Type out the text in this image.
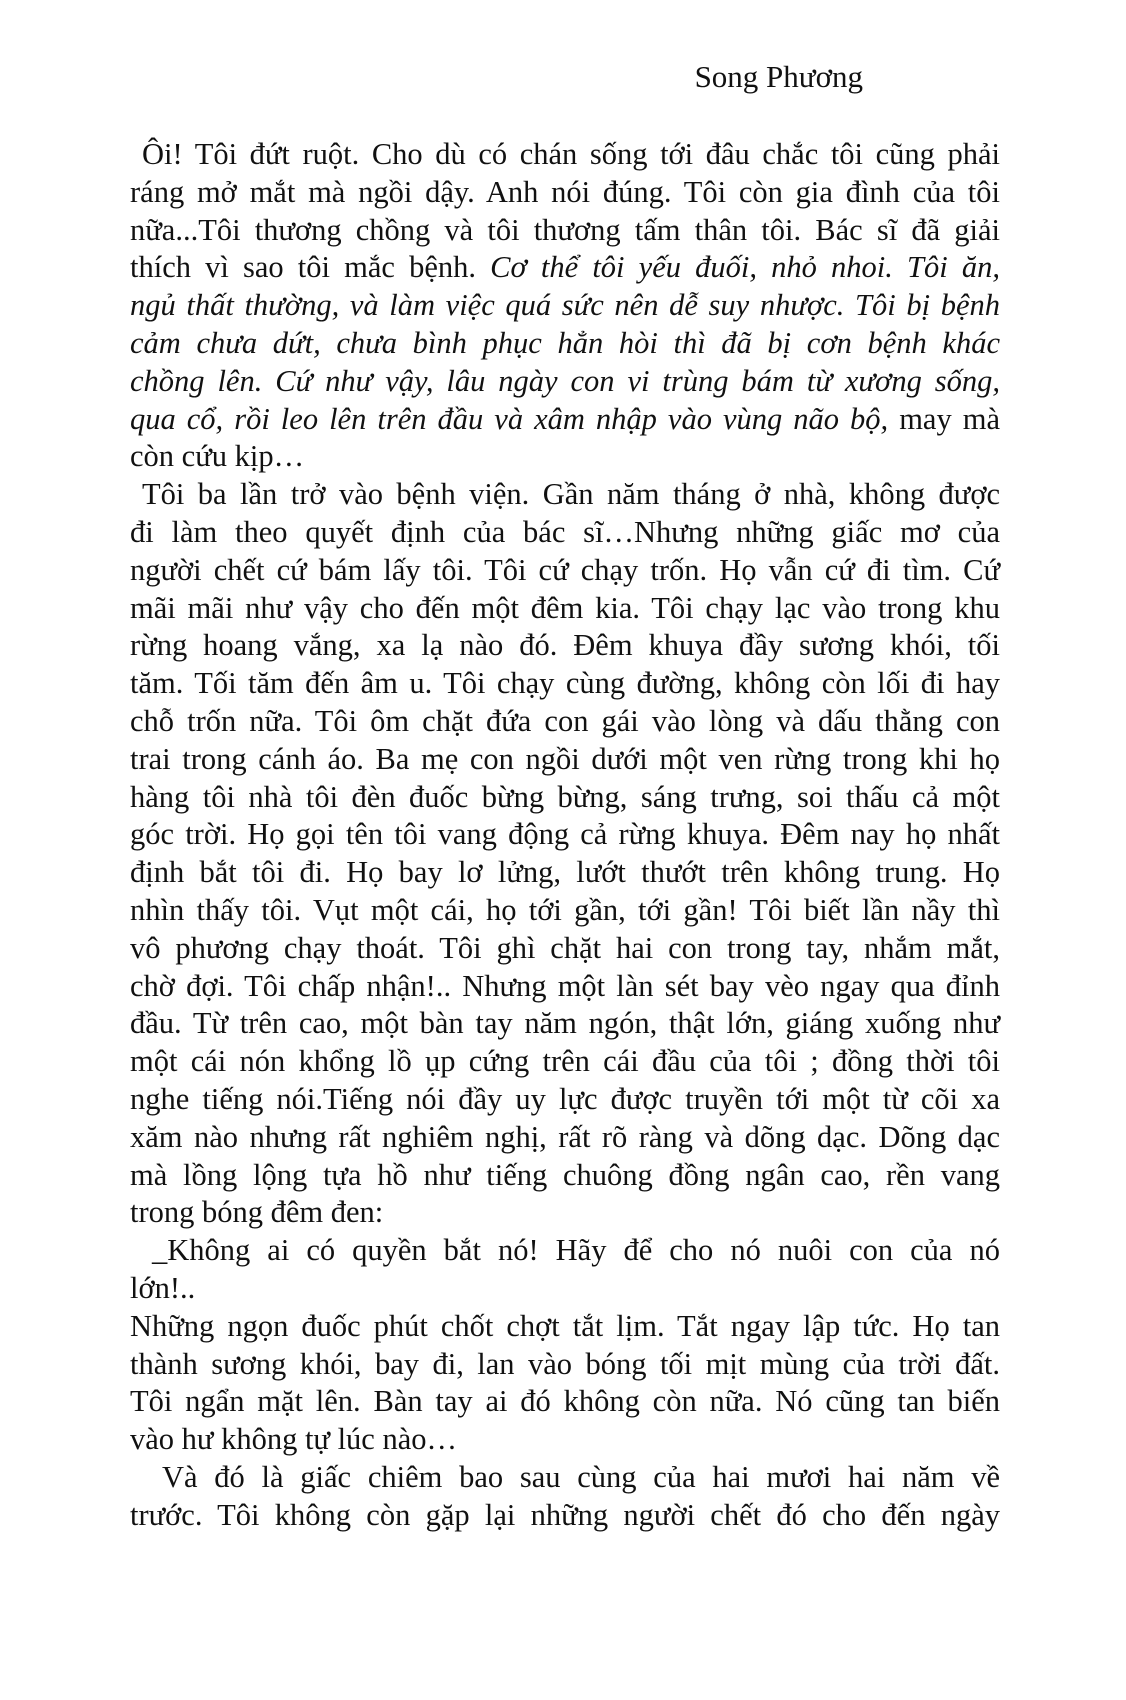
Song Phương
Ôi! Tôi đứt ruột. Cho dù có chán sống tới đâu chắc tôi cũng phải
ráng mở mắt mà ngồi dậy. Anh nói đúng. Tôi còn gia đình của tôi
nữa...Tôi thương chồng và tôi thương tấm thân tôi. Bác sĩ đã giải
thích vì sao tôi mắc bệnh. Cơ thể tôi yếu đuối, nhỏ nhoi. Tôi ăn,
ngủ thất thường, và làm việc quá sức nên dễ suy nhược. Tôi bị bệnh
cảm chưa dứt, chưa bình phục hẳn hòi thì đã bị cơn bệnh khác
chồng lên. Cứ như vậy, lâu ngày con vi trùng bám từ xương sống,
qua cổ, rồi leo lên trên đầu và xâm nhập vào vùng não bộ, may mà
còn cứu kịp…
Tôi ba lần trở vào bệnh viện. Gần năm tháng ở nhà, không được
đi làm theo quyết định của bác sĩ…Nhưng những giấc mơ của
người chết cứ bám lấy tôi. Tôi cứ chạy trốn. Họ vẫn cứ đi tìm. Cứ
mãi mãi như vậy cho đến một đêm kia. Tôi chạy lạc vào trong khu
rừng hoang vắng, xa lạ nào đó. Đêm khuya đầy sương khói, tối
tăm. Tối tăm đến âm u. Tôi chạy cùng đường, không còn lối đi hay
chỗ trốn nữa. Tôi ôm chặt đứa con gái vào lòng và dấu thằng con
trai trong cánh áo. Ba mẹ con ngồi dưới một ven rừng trong khi họ
hàng tôi nhà tôi đèn đuốc bừng bừng, sáng trưng, soi thấu cả một
góc trời. Họ gọi tên tôi vang động cả rừng khuya. Đêm nay họ nhất
định bắt tôi đi. Họ bay lơ lửng, lướt thướt trên không trung. Họ
nhìn thấy tôi. Vụt một cái, họ tới gần, tới gần! Tôi biết lần nầy thì
vô phương chạy thoát. Tôi ghì chặt hai con trong tay, nhắm mắt,
chờ đợi. Tôi chấp nhận!.. Nhưng một làn sét bay vèo ngay qua đỉnh
đầu. Từ trên cao, một bàn tay năm ngón, thật lớn, giáng xuống như
một cái nón khổng lồ ụp cứng trên cái đầu của tôi ; đồng thời tôi
nghe tiếng nói.Tiếng nói đầy uy lực được truyền tới một từ cõi xa
xăm nào nhưng rất nghiêm nghị, rất rõ ràng và dõng dạc. Dõng dạc
mà lồng lộng tựa hồ như tiếng chuông đồng ngân cao, rền vang
trong bóng đêm đen:
_Không ai có quyền bắt nó! Hãy để cho nó nuôi con của nó
lớn!..
Những ngọn đuốc phút chốt chợt tắt lịm. Tắt ngay lập tức. Họ tan
thành sương khói, bay đi, lan vào bóng tối mịt mùng của trời đất.
Tôi ngẩn mặt lên. Bàn tay ai đó không còn nữa. Nó cũng tan biến
vào hư không tự lúc nào…
Và đó là giấc chiêm bao sau cùng của hai mươi hai năm về
trước. Tôi không còn gặp lại những người chết đó cho đến ngày
